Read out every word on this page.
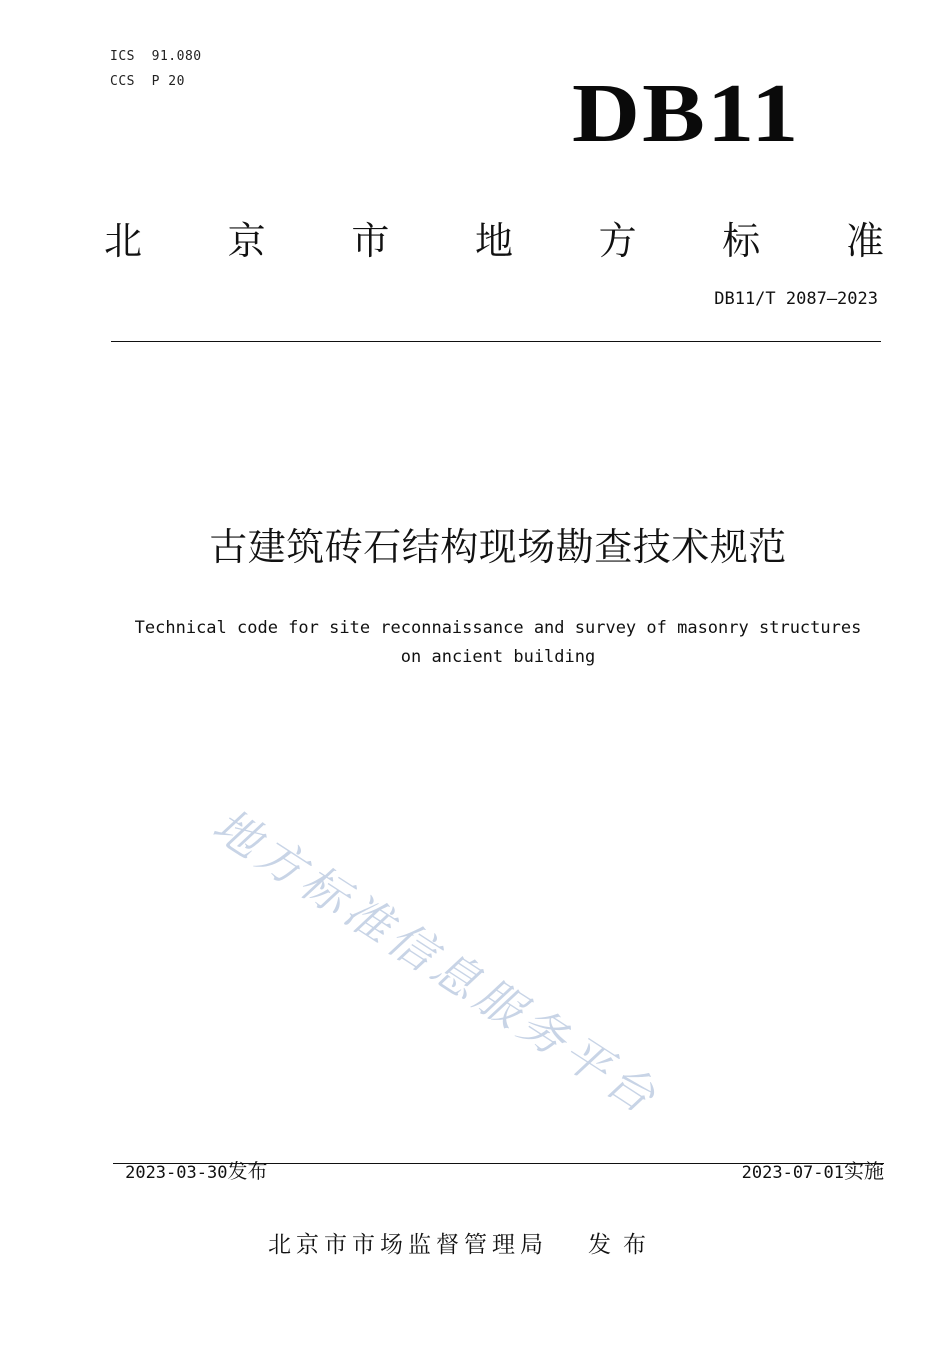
ICS  91.080
CCS  P 20	DB11
北 京 市 地 方 标 准
DB11/T 2087—2023
古建筑砖石结构现场勘查技术规范
Technical code for site reconnaissance and survey of masonry structures
on ancient building
地方标准信息服务平台

2023-03-30发布	2023-07-01实施

北京市市场监督管理局 发布
